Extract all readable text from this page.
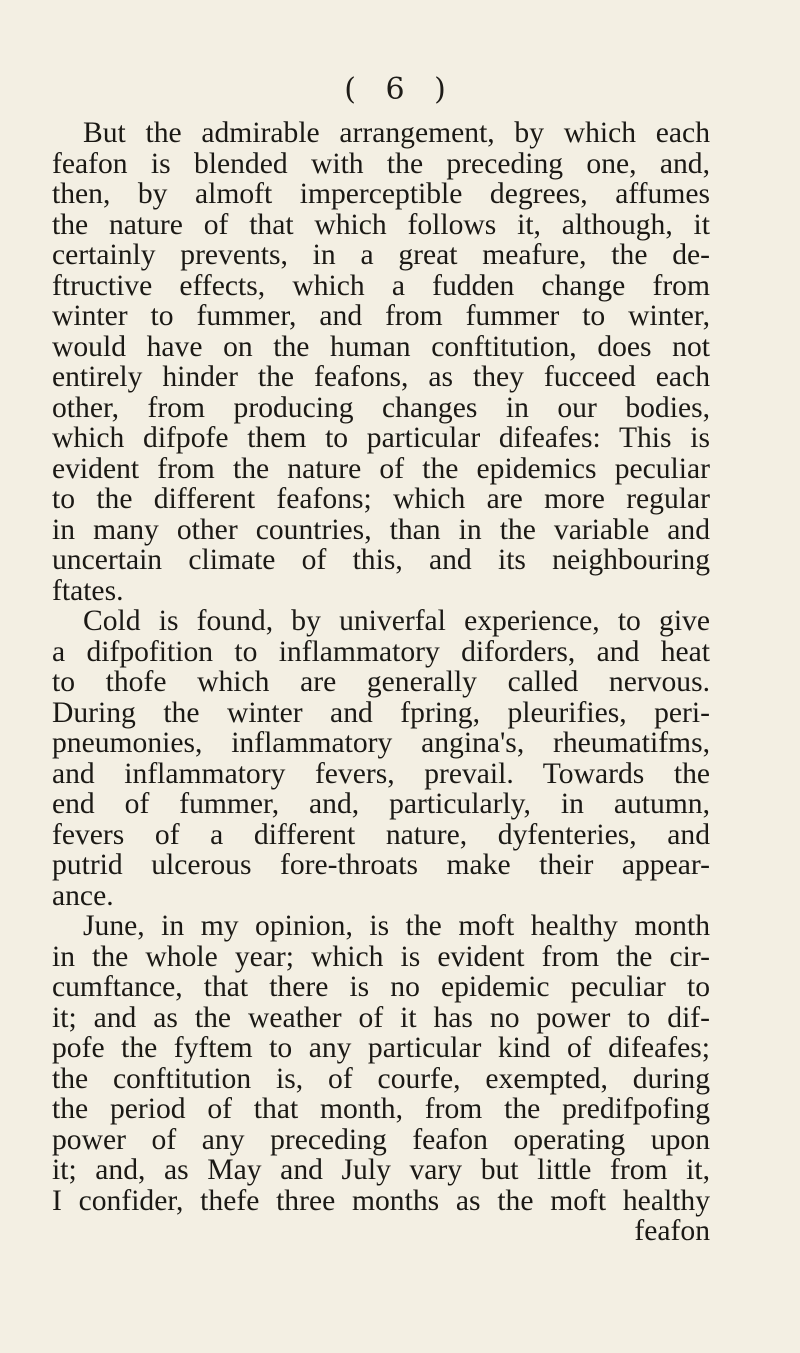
( 6 )
But the admirable arrangement, by which each
feafon is blended with the preceding one, and,
then, by almoft imperceptible degrees, affumes
the nature of that which follows it, although, it
certainly prevents, in a great meafure, the de-
ftructive effects, which a fudden change from
winter to fummer, and from fummer to winter,
would have on the human conftitution, does not
entirely hinder the feafons, as they fucceed each
other, from producing changes in our bodies,
which difpofe them to particular difeafes: This is
evident from the nature of the epidemics peculiar
to the different feafons; which are more regular
in many other countries, than in the variable and
uncertain climate of this, and its neighbouring
ftates.
Cold is found, by univerfal experience, to give
a difpofition to inflammatory diforders, and heat
to thofe which are generally called nervous.
During the winter and fpring, pleurifies, peri-
pneumonies, inflammatory angina's, rheumatifms,
and inflammatory fevers, prevail. Towards the
end of fummer, and, particularly, in autumn,
fevers of a different nature, dyfenteries, and
putrid ulcerous fore-throats make their appear-
ance.
June, in my opinion, is the moft healthy month
in the whole year; which is evident from the cir-
cumftance, that there is no epidemic peculiar to
it; and as the weather of it has no power to dif-
pofe the fyftem to any particular kind of difeafes;
the conftitution is, of courfe, exempted, during
the period of that month, from the predifpofing
power of any preceding feafon operating upon
it; and, as May and July vary but little from it,
I confider, thefe three months as the moft healthy
feafon
